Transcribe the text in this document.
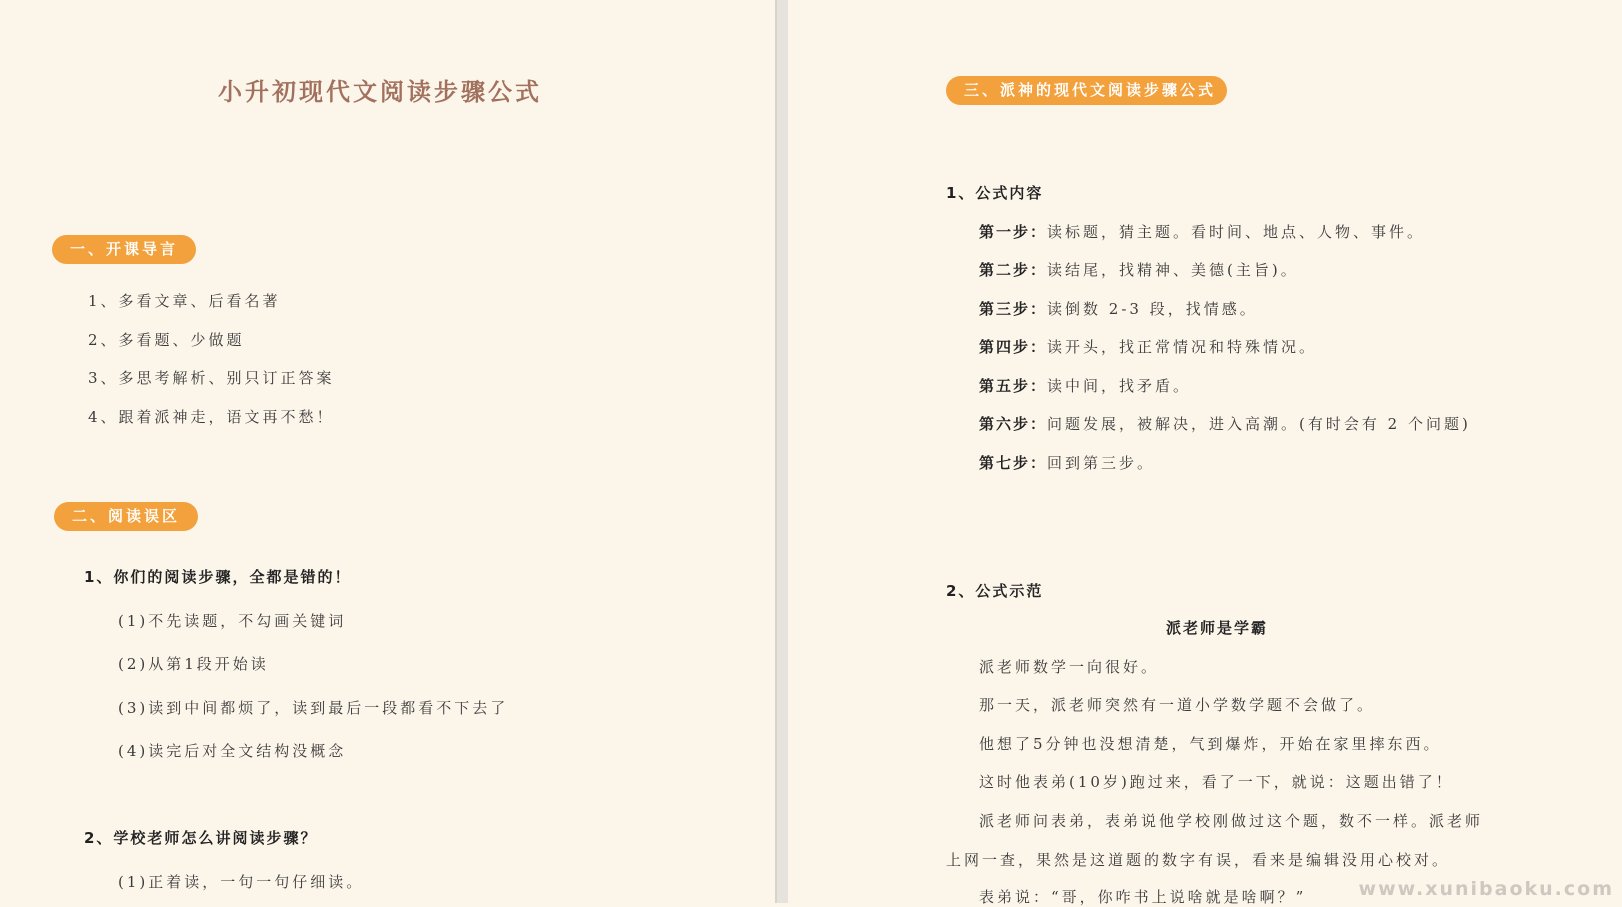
小升初现代文阅读步骤公式
一、开课导言
1、多看文章、后看名著
2、多看题、少做题
3、多思考解析、别只订正答案
4、跟着派神走，语文再不愁！
二、阅读误区
1、你们的阅读步骤，全都是错的！
(1)不先读题，不勾画关键词
(2)从第1段开始读
(3)读到中间都烦了，读到最后一段都看不下去了
(4)读完后对全文结构没概念
2、学校老师怎么讲阅读步骤？
(1)正着读，一句一句仔细读。
三、派神的现代文阅读步骤公式
1、公式内容
第一步：读标题，猜主题。看时间、地点、人物、事件。
第二步：读结尾，找精神、美德(主旨)。
第三步：读倒数 2-3 段，找情感。
第四步：读开头，找正常情况和特殊情况。
第五步：读中间，找矛盾。
第六步：问题发展，被解决，进入高潮。(有时会有 2 个问题)
第七步：回到第三步。
2、公式示范
派老师是学霸
派老师数学一向很好。
那一天，派老师突然有一道小学数学题不会做了。
他想了5分钟也没想清楚，气到爆炸，开始在家里摔东西。
这时他表弟(10岁)跑过来，看了一下，就说：这题出错了！
派老师问表弟，表弟说他学校刚做过这个题，数不一样。派老师
上网一查，果然是这道题的数字有误，看来是编辑没用心校对。
表弟说：“哥，你咋书上说啥就是啥啊？”	www.xunibaoku.com
